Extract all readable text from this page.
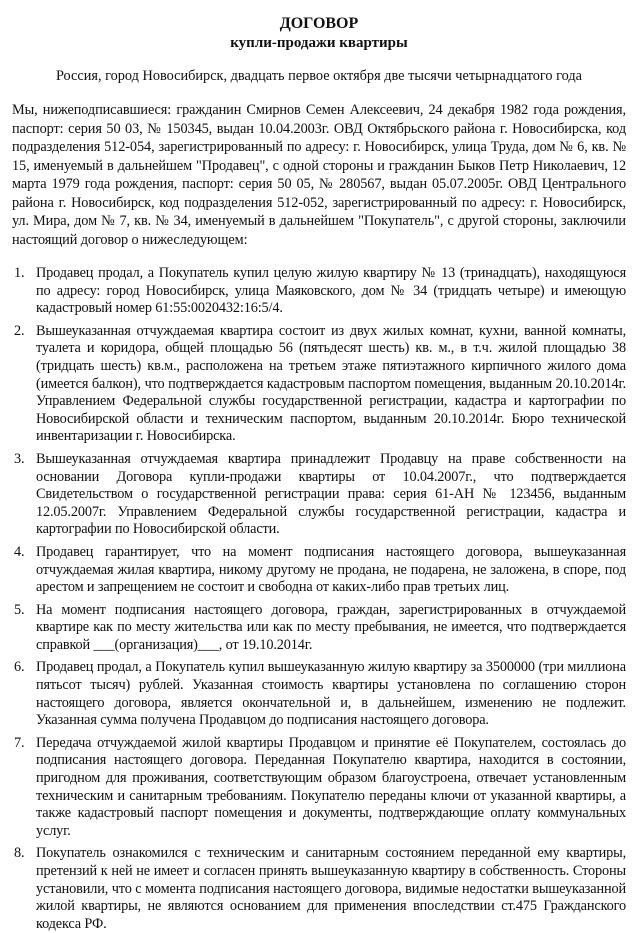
ДОГОВОР
купли-продажи квартиры

Россия, город Новосибирск, двадцать первое октября две тысячи четырнадцатого года

Мы, нижеподписавшиеся: гражданин Смирнов Семен Алексеевич, 24 декабря 1982 года рождения, паспорт: серия 50 03, № 150345, выдан 10.04.2003г. ОВД Октябрьского района г. Новосибирска, код подразделения 512-054, зарегистрированный по адресу: г. Новосибирск, улица Труда, дом № 6, кв. № 15, именуемый в дальнейшем "Продавец", с одной стороны и гражданин Быков Петр Николаевич, 12 марта 1979 года рождения, паспорт: серия 50 05, № 280567, выдан 05.07.2005г. ОВД Центрального района г. Новосибирск, код подразделения 512-052, зарегистрированный по адресу: г. Новосибирск, ул. Мира, дом № 7, кв. № 34, именуемый в дальнейшем "Покупатель", с другой стороны, заключили настоящий договор о нижеследующем:

1. Продавец продал, а Покупатель купил целую жилую квартиру № 13 (тринадцать), находящуюся по адресу: город Новосибирск, улица Маяковского, дом № 34 (тридцать четыре) и имеющую кадастровый номер 61:55:0020432:16:5/4.
2. Вышеуказанная отчуждаемая квартира состоит из двух жилых комнат, кухни, ванной комнаты, туалета и коридора, общей площадью 56 (пятьдесят шесть) кв. м., в т.ч. жилой площадью 38 (тридцать шесть) кв.м., расположена на третьем этаже пятиэтажного кирпичного жилого дома (имеется балкон), что подтверждается кадастровым паспортом помещения, выданным 20.10.2014г. Управлением Федеральной службы государственной регистрации, кадастра и картографии по Новосибирской области и техническим паспортом, выданным 20.10.2014г. Бюро технической инвентаризации г. Новосибирска.
3. Вышеуказанная отчуждаемая квартира принадлежит Продавцу на праве собственности на основании Договора купли-продажи квартиры от 10.04.2007г., что подтверждается Свидетельством о государственной регистрации права: серия 61-АН № 123456, выданным 12.05.2007г. Управлением Федеральной службы государственной регистрации, кадастра и картографии по Новосибирской области.
4. Продавец гарантирует, что на момент подписания настоящего договора, вышеуказанная отчуждаемая жилая квартира, никому другому не продана, не подарена, не заложена, в споре, под арестом и запрещением не состоит и свободна от каких-либо прав третьих лиц.
5. На момент подписания настоящего договора, граждан, зарегистрированных в отчуждаемой квартире как по месту жительства или как по месту пребывания, не имеется, что подтверждается справкой ___(организация)___, от 19.10.2014г.
6. Продавец продал, а Покупатель купил вышеуказанную жилую квартиру за 3500000 (три миллиона пятьсот тысяч) рублей. Указанная стоимость квартиры установлена по соглашению сторон настоящего договора, является окончательной и, в дальнейшем, изменению не подлежит. Указанная сумма получена Продавцом до подписания настоящего договора.
7. Передача отчуждаемой жилой квартиры Продавцом и принятие её Покупателем, состоялась до подписания настоящего договора. Переданная Покупателю квартира, находится в состоянии, пригодном для проживания, соответствующим образом благоустроена, отвечает установленным техническим и санитарным требованиям. Покупателю переданы ключи от указанной квартиры, а также кадастровый паспорт помещения и документы, подтверждающие оплату коммунальных услуг.
8. Покупатель ознакомился с техническим и санитарным состоянием переданной ему квартиры, претензий к ней не имеет и согласен принять вышеуказанную квартиру в собственность. Стороны установили, что с момента подписания настоящего договора, видимые недостатки вышеуказанной жилой квартиры, не являются основанием для применения впоследствии ст.475 Гражданского кодекса РФ.
